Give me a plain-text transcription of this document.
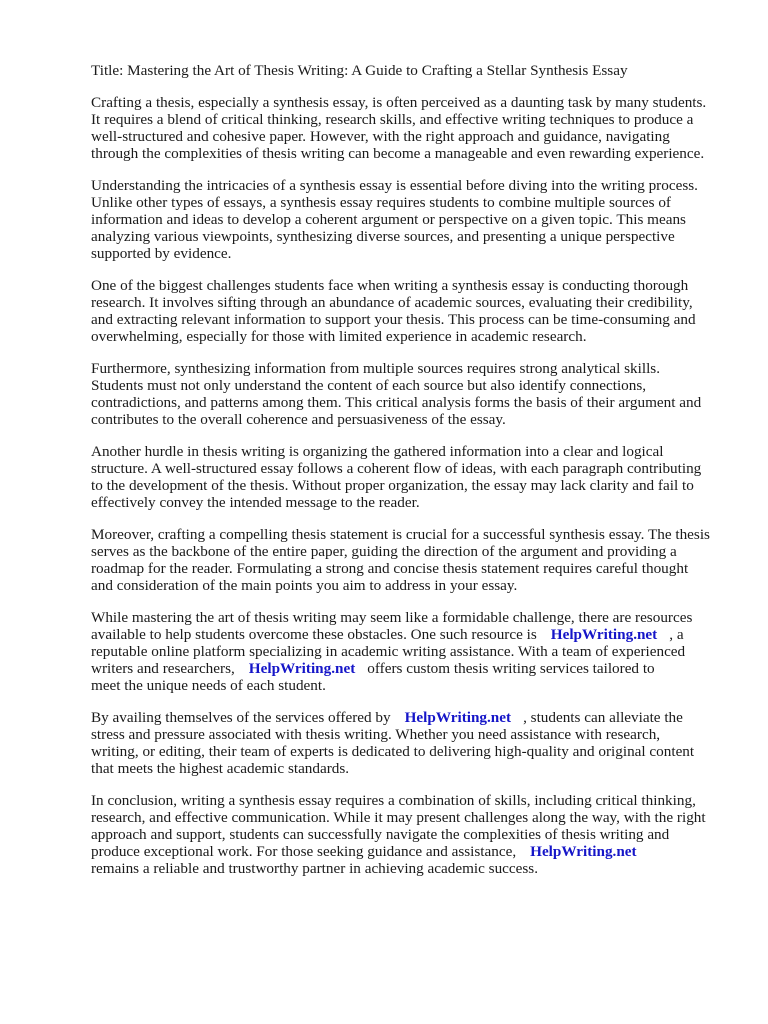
Title: Mastering the Art of Thesis Writing: A Guide to Crafting a Stellar Synthesis Essay
Crafting a thesis, especially a synthesis essay, is often perceived as a daunting task by many students.
It requires a blend of critical thinking, research skills, and effective writing techniques to produce a
well-structured and cohesive paper. However, with the right approach and guidance, navigating
through the complexities of thesis writing can become a manageable and even rewarding experience.
Understanding the intricacies of a synthesis essay is essential before diving into the writing process.
Unlike other types of essays, a synthesis essay requires students to combine multiple sources of
information and ideas to develop a coherent argument or perspective on a given topic. This means
analyzing various viewpoints, synthesizing diverse sources, and presenting a unique perspective
supported by evidence.
One of the biggest challenges students face when writing a synthesis essay is conducting thorough
research. It involves sifting through an abundance of academic sources, evaluating their credibility,
and extracting relevant information to support your thesis. This process can be time-consuming and
overwhelming, especially for those with limited experience in academic research.
Furthermore, synthesizing information from multiple sources requires strong analytical skills.
Students must not only understand the content of each source but also identify connections,
contradictions, and patterns among them. This critical analysis forms the basis of their argument and
contributes to the overall coherence and persuasiveness of the essay.
Another hurdle in thesis writing is organizing the gathered information into a clear and logical
structure. A well-structured essay follows a coherent flow of ideas, with each paragraph contributing
to the development of the thesis. Without proper organization, the essay may lack clarity and fail to
effectively convey the intended message to the reader.
Moreover, crafting a compelling thesis statement is crucial for a successful synthesis essay. The thesis
serves as the backbone of the entire paper, guiding the direction of the argument and providing a
roadmap for the reader. Formulating a strong and concise thesis statement requires careful thought
and consideration of the main points you aim to address in your essay.
While mastering the art of thesis writing may seem like a formidable challenge, there are resources
available to help students overcome these obstacles. One such resource is HelpWriting.net , a
reputable online platform specializing in academic writing assistance. With a team of experienced
writers and researchers, HelpWriting.net offers custom thesis writing services tailored to
meet the unique needs of each student.
By availing themselves of the services offered by HelpWriting.net , students can alleviate the
stress and pressure associated with thesis writing. Whether you need assistance with research,
writing, or editing, their team of experts is dedicated to delivering high-quality and original content
that meets the highest academic standards.
In conclusion, writing a synthesis essay requires a combination of skills, including critical thinking,
research, and effective communication. While it may present challenges along the way, with the right
approach and support, students can successfully navigate the complexities of thesis writing and
produce exceptional work. For those seeking guidance and assistance, HelpWriting.net
remains a reliable and trustworthy partner in achieving academic success.
